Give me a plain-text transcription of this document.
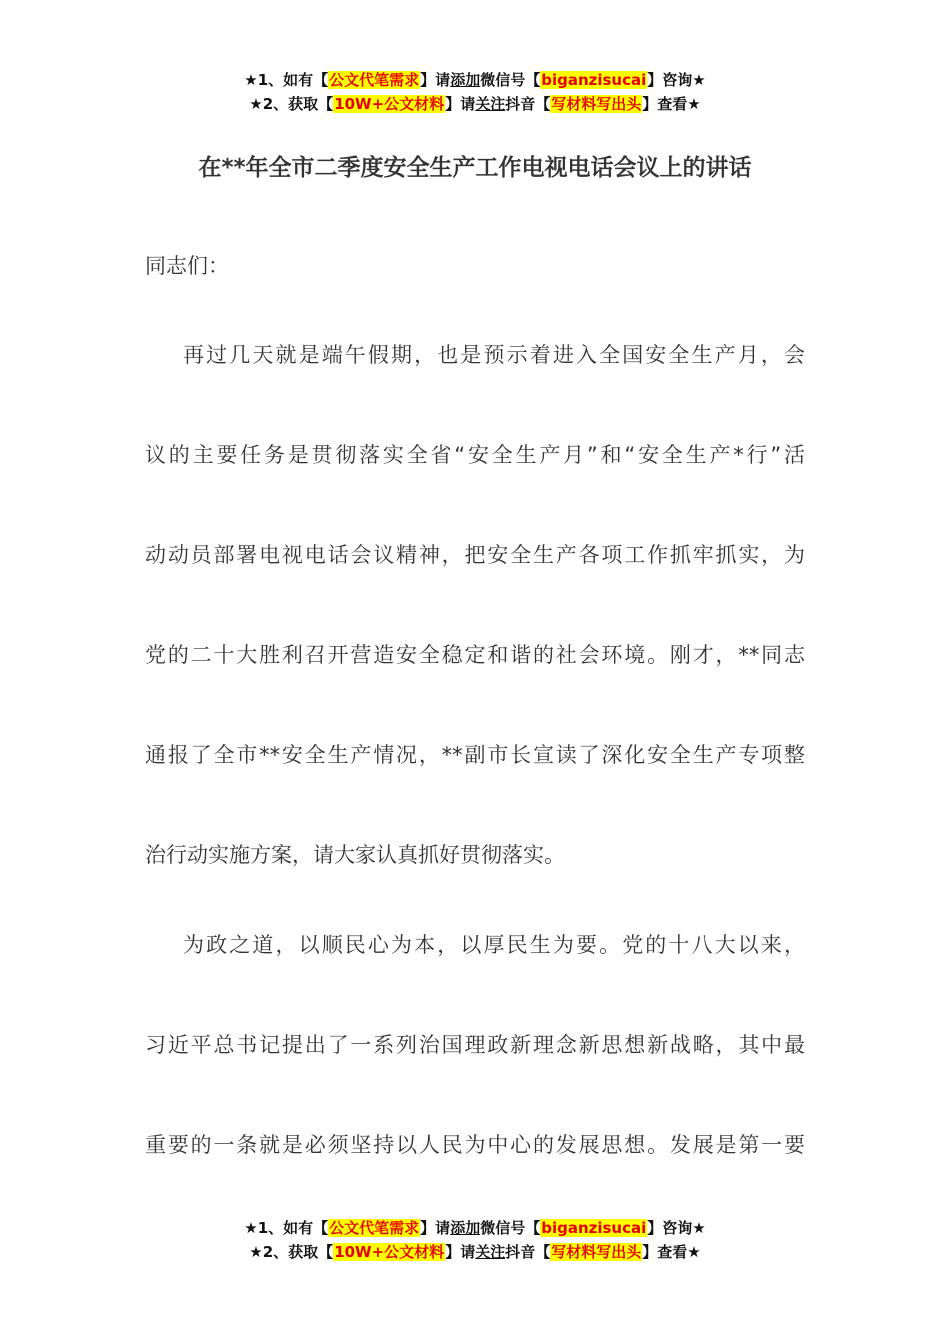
★1、如有【公文代笔需求】请添加微信号【biganzisucai】咨询★
★2、获取【10W+公文材料】请关注抖音【写材料写出头】查看★
在**年全市二季度安全生产工作电视电话会议上的讲话
同志们：
再过几天就是端午假期，也是预示着进入全国安全生产月，会
议的主要任务是贯彻落实全省“安全生产月”和“安全生产*行”活
动动员部署电视电话会议精神，把安全生产各项工作抓牢抓实，为
党的二十大胜利召开营造安全稳定和谐的社会环境。刚才，**同志
通报了全市**安全生产情况，**副市长宣读了深化安全生产专项整
治行动实施方案，请大家认真抓好贯彻落实。
为政之道，以顺民心为本，以厚民生为要。党的十八大以来，
习近平总书记提出了一系列治国理政新理念新思想新战略，其中最
重要的一条就是必须坚持以人民为中心的发展思想。发展是第一要
★1、如有【公文代笔需求】请添加微信号【biganzisucai】咨询★
★2、获取【10W+公文材料】请关注抖音【写材料写出头】查看★
